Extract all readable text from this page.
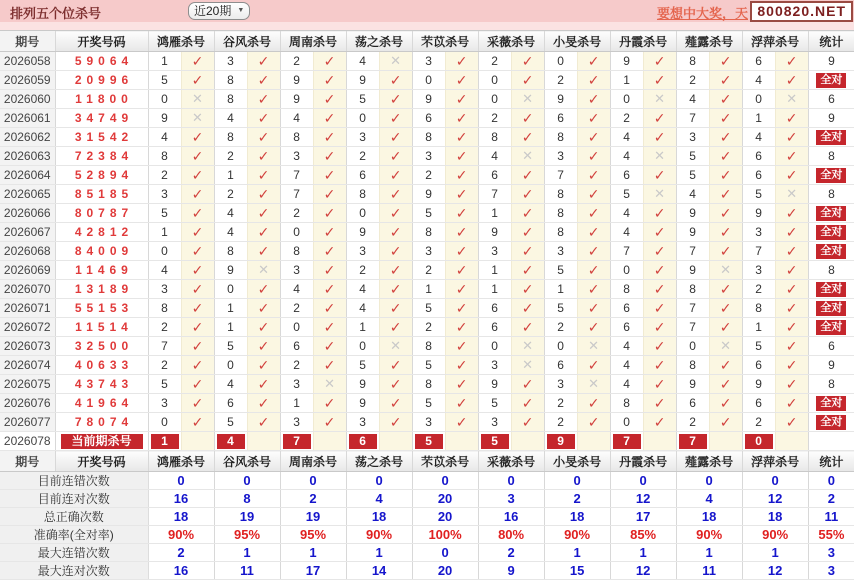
排列五个位杀号	近20期 ▼	要想中大奖，天 800820.NET
期号	开奖号码	鸿雁杀号		谷风杀号		周南杀号		荡之杀号		芣苡杀号		采薇杀号		小旻杀号		丹霞杀号		薤露杀号		浮萍杀号		统计
2026058	59064	1	✓	3	✓	2	✓	4	✕	3	✓	2	✓	0	✓	9	✓	8	✓	6	✓	9
2026059	20996	5	✓	8	✓	9	✓	9	✓	0	✓	0	✓	2	✓	1	✓	2	✓	4	✓	全对
2026060	11800	0	✕	8	✓	9	✓	5	✓	9	✓	0	✕	9	✓	0	✕	4	✓	0	✕	6
2026061	34749	9	✕	4	✓	4	✓	0	✓	6	✓	2	✓	6	✓	2	✓	7	✓	1	✓	9
2026062	31542	4	✓	8	✓	8	✓	3	✓	8	✓	8	✓	8	✓	4	✓	3	✓	4	✓	全对
2026063	72384	8	✓	2	✓	3	✓	2	✓	3	✓	4	✕	3	✓	4	✕	5	✓	6	✓	8
2026064	52894	2	✓	1	✓	7	✓	6	✓	2	✓	6	✓	7	✓	6	✓	5	✓	6	✓	全对
2026065	85185	3	✓	2	✓	7	✓	8	✓	9	✓	7	✓	8	✓	5	✕	4	✓	5	✕	8
2026066	80787	5	✓	4	✓	2	✓	0	✓	5	✓	1	✓	8	✓	4	✓	9	✓	9	✓	全对
2026067	42812	1	✓	4	✓	0	✓	9	✓	8	✓	9	✓	8	✓	4	✓	9	✓	3	✓	全对
2026068	84009	0	✓	8	✓	8	✓	3	✓	3	✓	3	✓	3	✓	7	✓	7	✓	7	✓	全对
2026069	11469	4	✓	9	✕	3	✓	2	✓	2	✓	1	✓	5	✓	0	✓	9	✕	3	✓	8
2026070	13189	3	✓	0	✓	4	✓	4	✓	1	✓	1	✓	1	✓	8	✓	8	✓	2	✓	全对
2026071	55153	8	✓	1	✓	2	✓	4	✓	5	✓	6	✓	5	✓	6	✓	7	✓	8	✓	全对
2026072	11514	2	✓	1	✓	0	✓	1	✓	2	✓	6	✓	2	✓	6	✓	7	✓	1	✓	全对
2026073	32500	7	✓	5	✓	6	✓	0	✕	8	✓	0	✕	0	✕	4	✓	0	✕	5	✓	6
2026074	40633	2	✓	0	✓	2	✓	5	✓	5	✓	3	✕	6	✓	4	✓	8	✓	6	✓	9
2026075	43743	5	✓	4	✓	3	✕	9	✓	8	✓	9	✓	3	✕	4	✓	9	✓	9	✓	8
2026076	41964	3	✓	6	✓	1	✓	9	✓	5	✓	5	✓	2	✓	8	✓	6	✓	6	✓	全对
2026077	78074	0	✓	5	✓	3	✓	3	✓	3	✓	3	✓	2	✓	0	✓	2	✓	2	✓	全对
2026078	当前期杀号	1		4		7		6		5		5		9		7		7		0		

期号	开奖号码	鸿雁杀号		谷风杀号		周南杀号		荡之杀号		芣苡杀号		采薇杀号		小旻杀号		丹霞杀号		薤露杀号		浮萍杀号		统计
目前连错次数		0		0		0		0		0		0		0		0		0		0		0
目前连对次数		16		8		2		4		20		3		2		12		4		12		2
总正确次数		18		19		19		18		20		16		18		17		18		18		11
准确率(全对率)		90%		95%		95%		90%		100%		80%		90%		85%		90%		90%		55%
最大连错次数		2		1		1		1		0		2		1		1		1		1		3
最大连对次数		16		11		17		14		20		9		15		12		11		12		3
